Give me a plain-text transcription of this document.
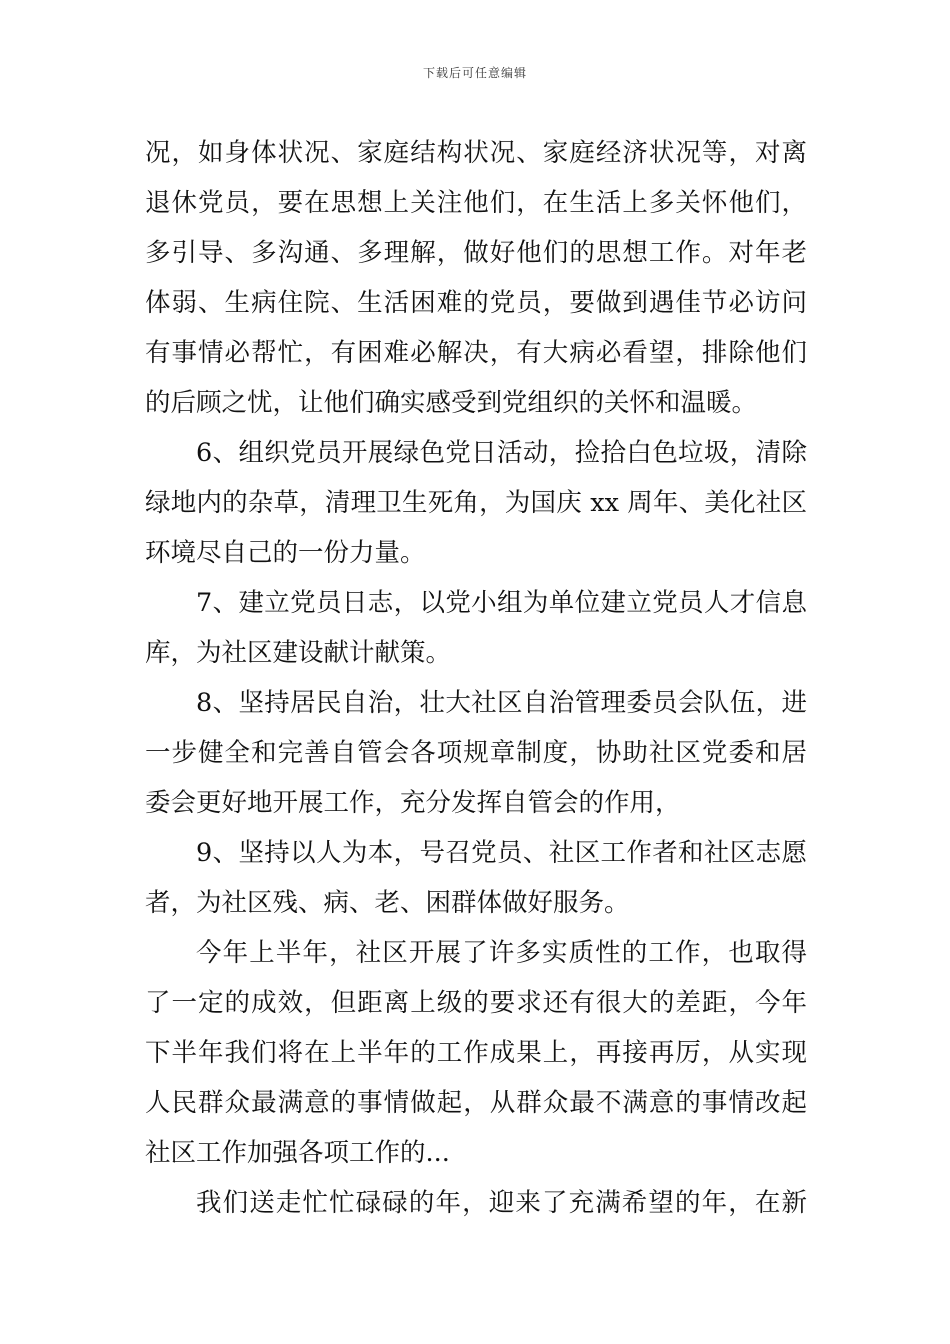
下载后可任意编辑
况，如身体状况、家庭结构状况、家庭经济状况等，对离
退休党员，要在思想上关注他们，在生活上多关怀他们，
多引导、多沟通、多理解，做好他们的思想工作。对年老
体弱、生病住院、生活困难的党员，要做到遇佳节必访问
有事情必帮忙，有困难必解决，有大病必看望，排除他们
的后顾之忧，让他们确实感受到党组织的关怀和温暖。
6、组织党员开展绿色党日活动，捡拾白色垃圾，清除
绿地内的杂草，清理卫生死角，为国庆 xx 周年、美化社区
环境尽自己的一份力量。
7、建立党员日志，以党小组为单位建立党员人才信息
库，为社区建设献计献策。
8、坚持居民自治，壮大社区自治管理委员会队伍，进
一步健全和完善自管会各项规章制度，协助社区党委和居
委会更好地开展工作，充分发挥自管会的作用，
9、坚持以人为本，号召党员、社区工作者和社区志愿
者，为社区残、病、老、困群体做好服务。
今年上半年，社区开展了许多实质性的工作，也取得
了一定的成效，但距离上级的要求还有很大的差距，今年
下半年我们将在上半年的工作成果上，再接再厉，从实现
人民群众最满意的事情做起，从群众最不满意的事情改起
社区工作加强各项工作的...
我们送走忙忙碌碌的年，迎来了充满希望的年，在新
